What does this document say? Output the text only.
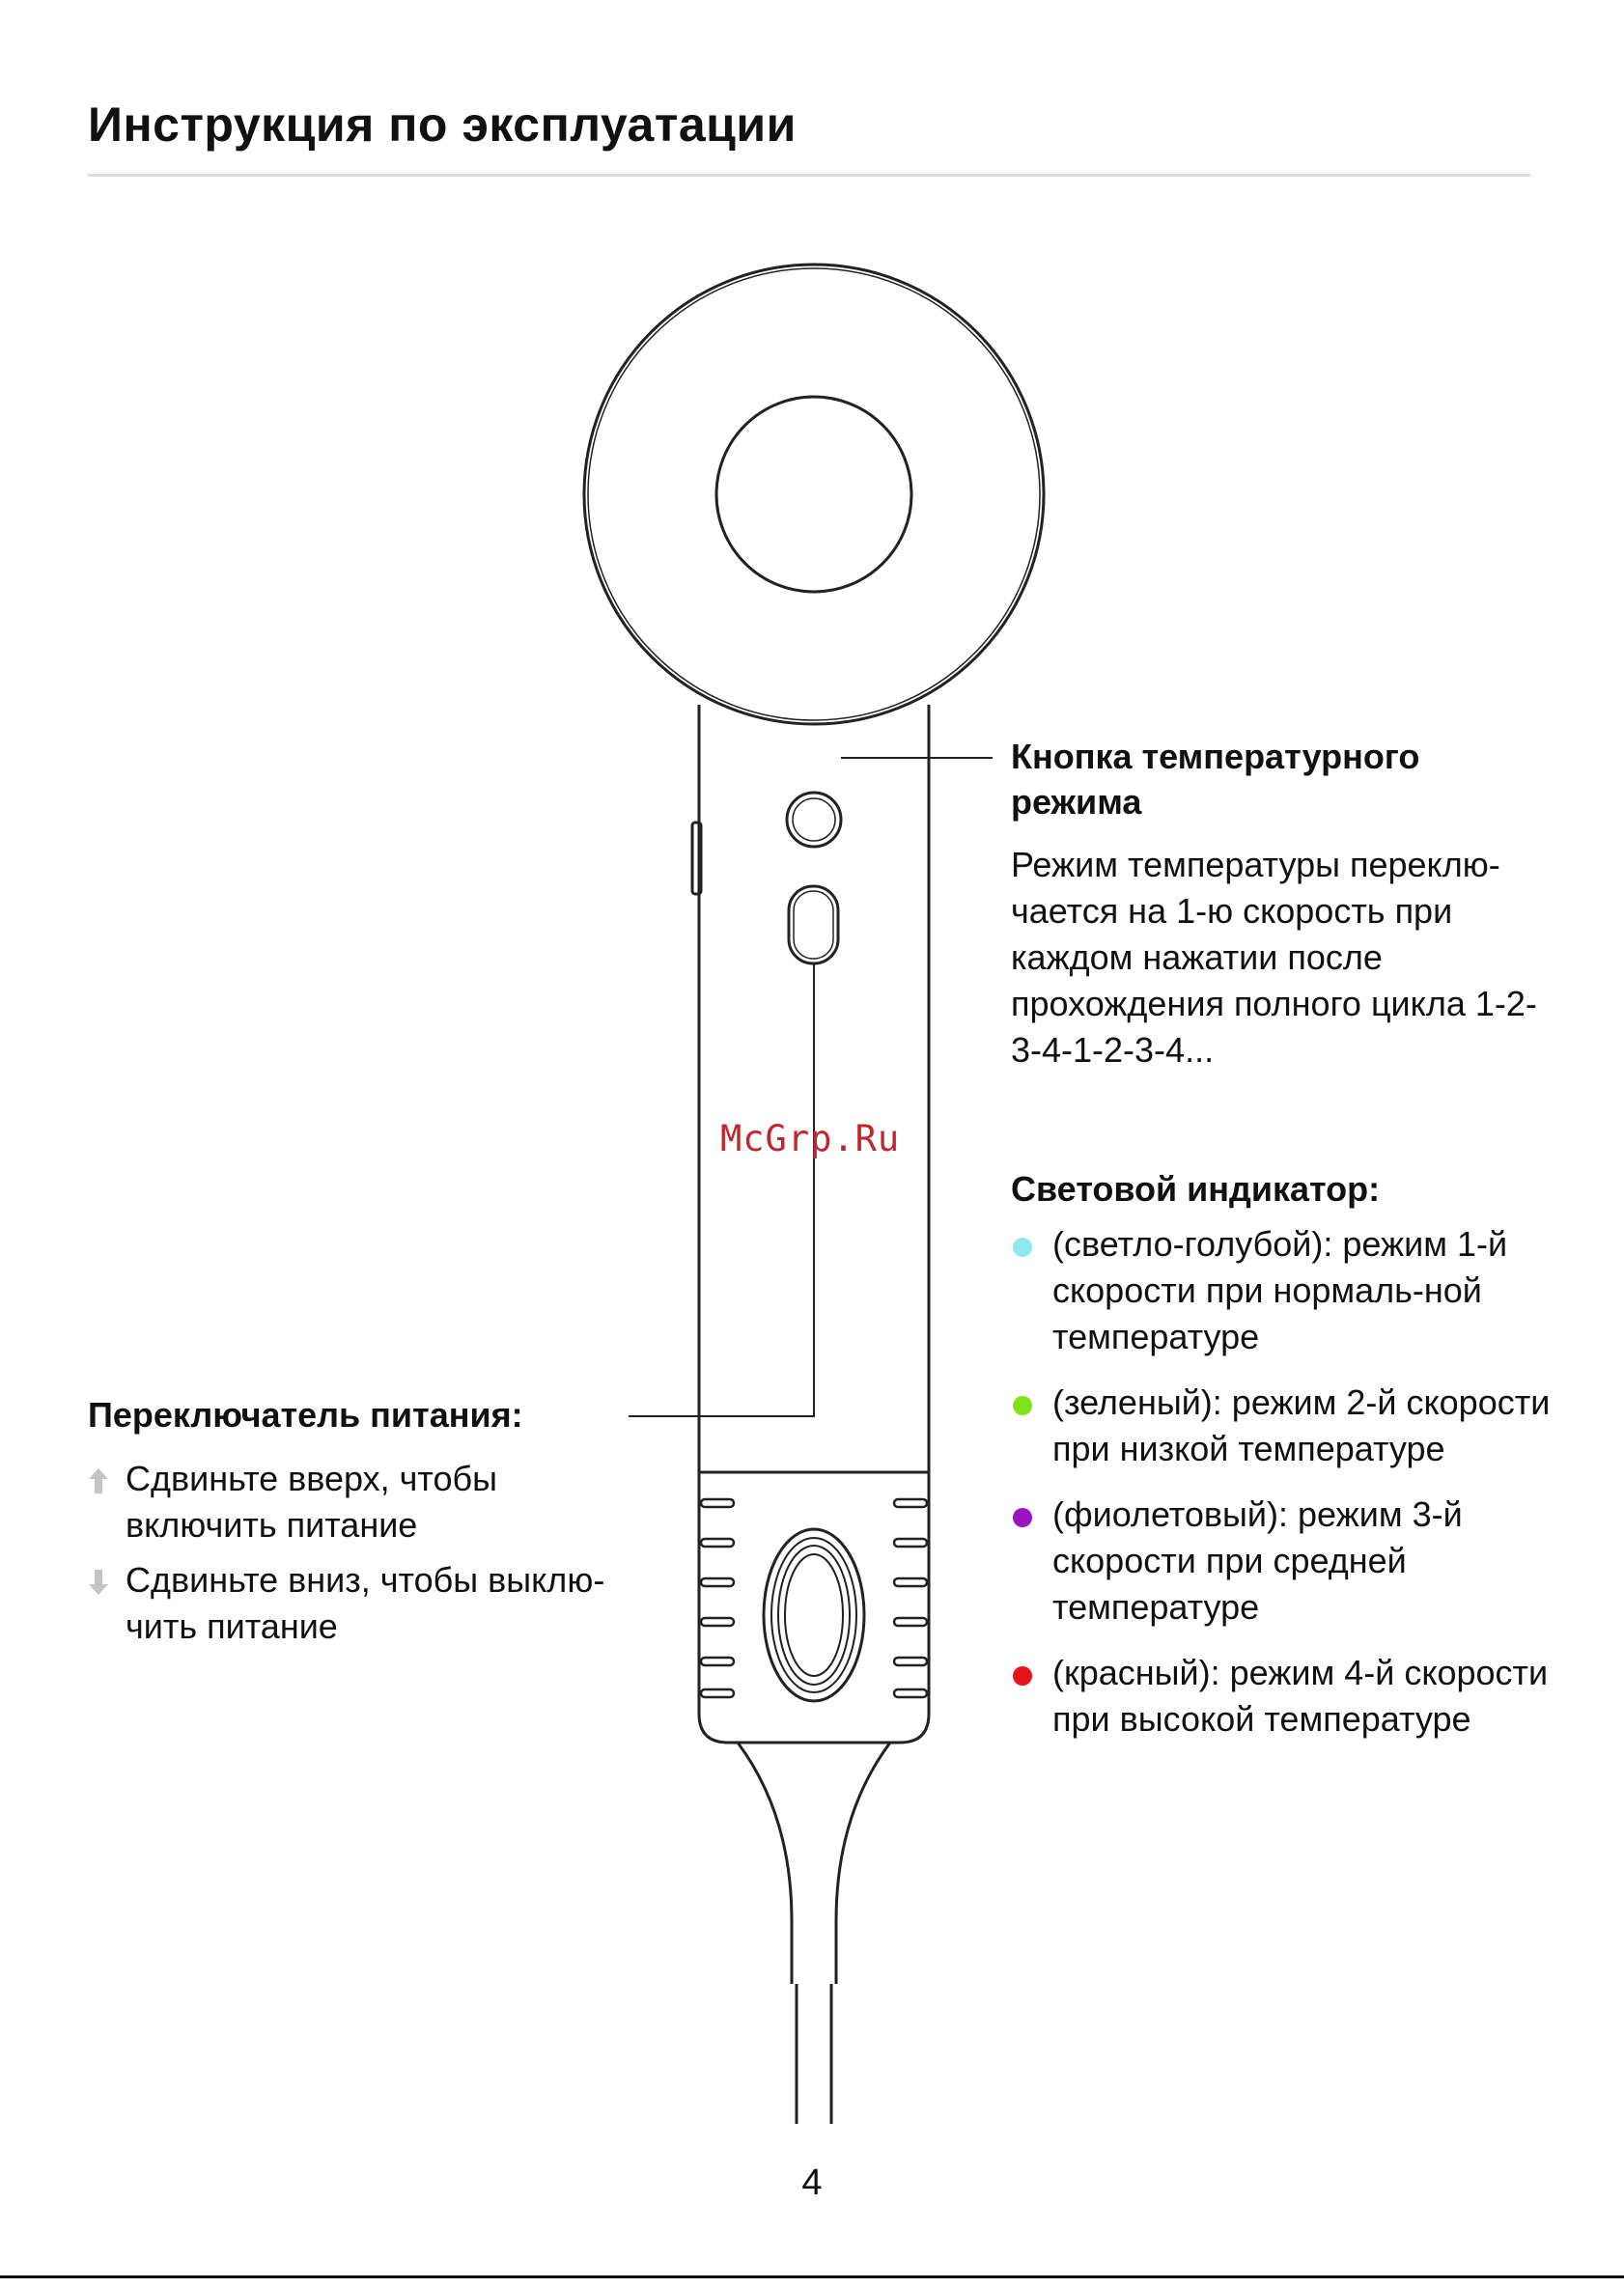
Инструкция по эксплуатации
Кнопка температурного режима
Режим температуры переклю-чается на 1-ю скорость при каждом нажатии после прохождения полного цикла 1-2-3-4-1-2-3-4...
McGrp.Ru
Световой индикатор:
(светло-голубой): режим 1-й скорости при нормаль-ной температуре
(зеленый): режим 2-й скорости при низкой температуре
(фиолетовый): режим 3-й скорости при средней температуре
(красный): режим 4-й скорости при высокой температуре
Переключатель питания:
Сдвиньте вверх, чтобы включить питание
Сдвиньте вниз, чтобы выклю-чить питание
4
